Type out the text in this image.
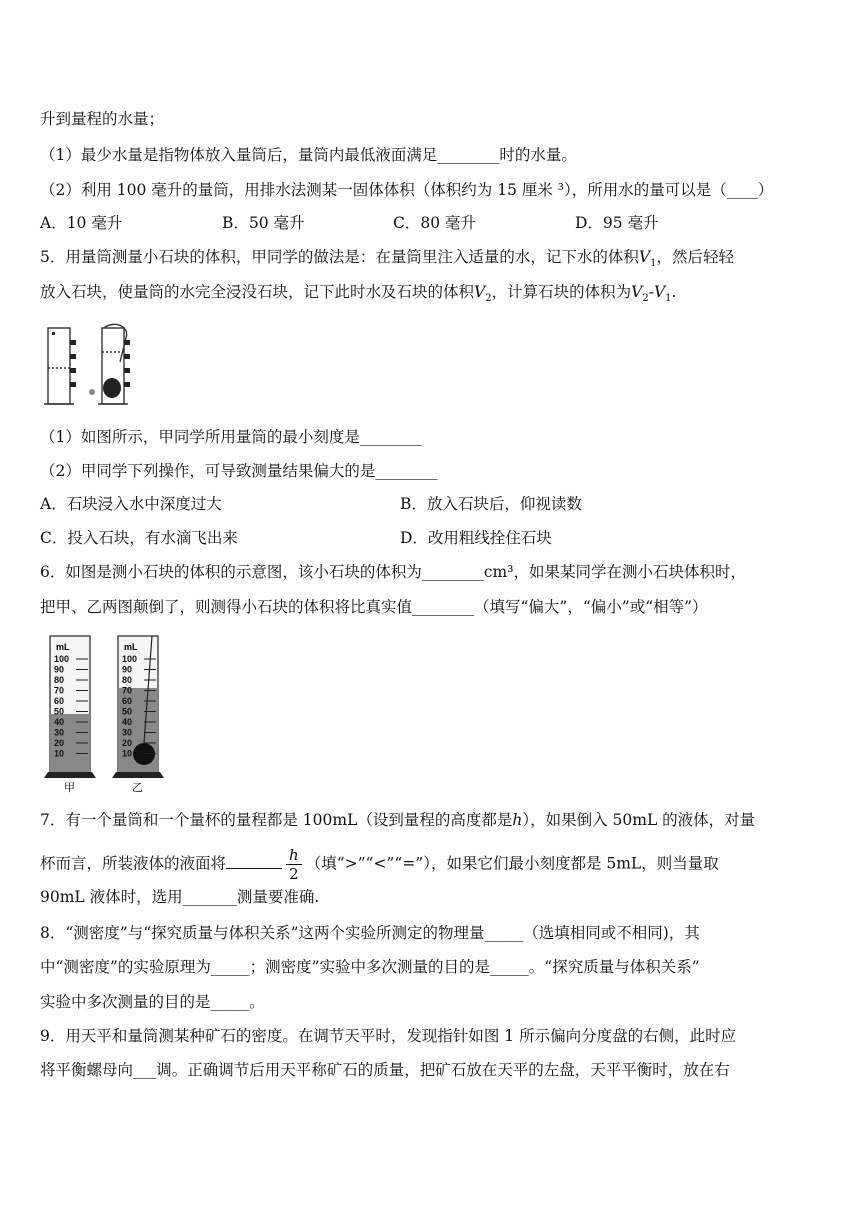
升到量程的水量；
（1）最少水量是指物体放入量筒后，量筒内最低液面满足________时的水量。
（2）利用 100 毫升的量筒，用排水法测某一固体体积（体积约为 15 厘米 ³），所用水的量可以是（____）
A．10 毫升	B．50 毫升	C．80 毫升	D．95 毫升
5．用量筒测量小石块的体积，甲同学的做法是：在量筒里注入适量的水，记下水的体积$V_1$，然后轻轻
放入石块，使量筒的水完全浸没石块，记下此时水及石块的体积$V_2$，计算石块的体积为$V_2-V_1$.
（1）如图所示，甲同学所用量筒的最小刻度是________
（2）甲同学下列操作，可导致测量结果偏大的是________
A．石块浸入水中深度过大	B．放入石块后，仰视读数
C．投入石块，有水滴飞出来	D．改用粗线拴住石块
6．如图是测小石块的体积的示意图，该小石块的体积为________cm³，如果某同学在测小石块体积时，
把甲、乙两图颠倒了，则测得小石块的体积将比真实值________（填写“偏大”，“偏小”或“相等”）
100
90
80
70
60
50
40
30
20
10
100
90
80
70
60
50
40
30
20
10
mL	mL
甲	乙
7．有一个量筒和一个量杯的量程都是 100mL（设到量程的高度都是h），如果倒入 50mL 的液体，对量
杯而言，所装液体的液面将	$\frac{h}{2}$ （填“>”“<”“=”），如果它们最小刻度都是 5mL，则当量取
90mL 液体时，选用_______测量要准确.
8．“测密度”与“探究质量与体积关系”这两个实验所测定的物理量_____（选填相同或不相同)，其
中“测密度”的实验原理为_____；测密度”实验中多次测量的目的是_____。“探究质量与体积关系”
实验中多次测量的目的是_____。
9．用天平和量筒测某种矿石的密度。在调节天平时，发现指针如图 1 所示偏向分度盘的右侧，此时应
将平衡螺母向___调。正确调节后用天平称矿石的质量，把矿石放在天平的左盘，天平平衡时，放在右
